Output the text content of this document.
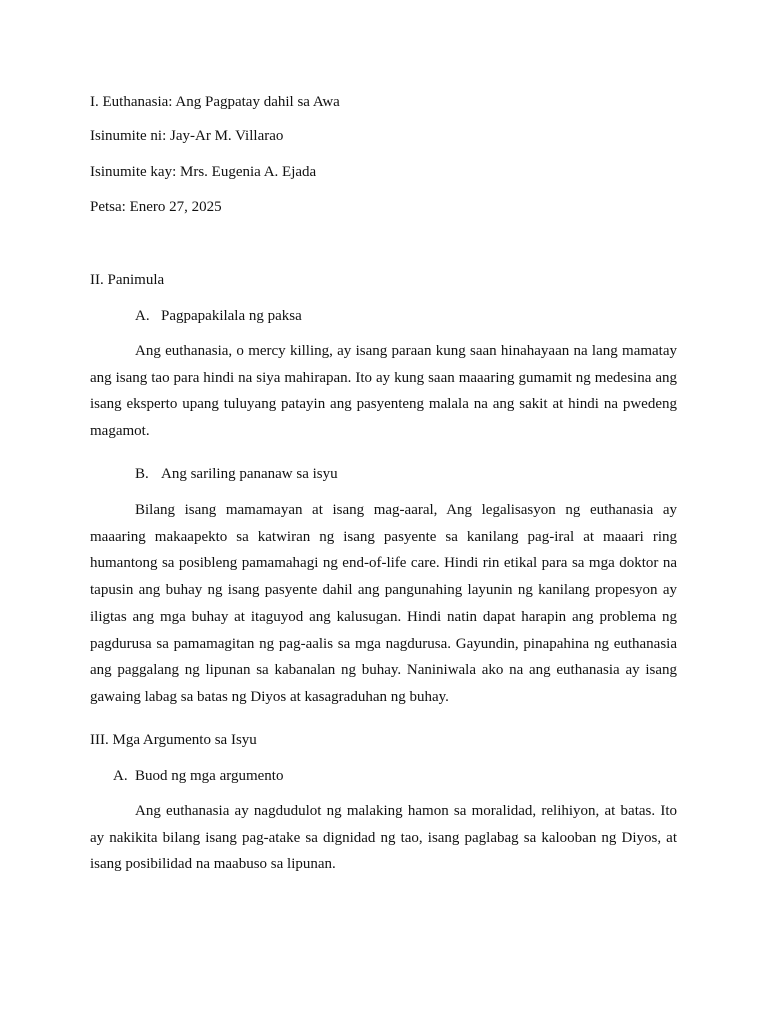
I. Euthanasia: Ang Pagpatay dahil sa Awa
Isinumite ni: Jay-Ar M. Villarao
Isinumite kay: Mrs. Eugenia A. Ejada
Petsa: Enero 27, 2025
II. Panimula
A. Pagpapakilala ng paksa

Ang euthanasia, o mercy killing, ay isang paraan kung saan hinahayaan na lang mamatay ang isang tao para hindi na siya mahirapan. Ito ay kung saan maaaring gumamit ng medesina ang isang eksperto upang tuluyang patayin ang pasyenteng malala na ang sakit at hindi na pwedeng magamot.

B. Ang sariling pananaw sa isyu

Bilang isang mamamayan at isang mag-aaral, Ang legalisasyon ng euthanasia ay maaaring makaapekto sa katwiran ng isang pasyente sa kanilang pag-iral at maaari ring humantong sa posibleng pamamahagi ng end-of-life care. Hindi rin etikal para sa mga doktor na tapusin ang buhay ng isang pasyente dahil ang pangunahing layunin ng kanilang propesyon ay iligtas ang mga buhay at itaguyod ang kalusugan. Hindi natin dapat harapin ang problema ng pagdurusa sa pamamagitan ng pag-aalis sa mga nagdurusa. Gayundin, pinapahina ng euthanasia ang paggalang ng lipunan sa kabanalan ng buhay. Naniniwala ako na ang euthanasia ay isang gawaing labag sa batas ng Diyos at kasagraduhan ng buhay.

III. Mga Argumento sa Isyu
A. Buod ng mga argumento

Ang euthanasia ay nagdudulot ng malaking hamon sa moralidad, relihiyon, at batas. Ito ay nakikita bilang isang pag-atake sa dignidad ng tao, isang paglabag sa kalooban ng Diyos, at isang posibilidad na maabuso sa lipunan.
